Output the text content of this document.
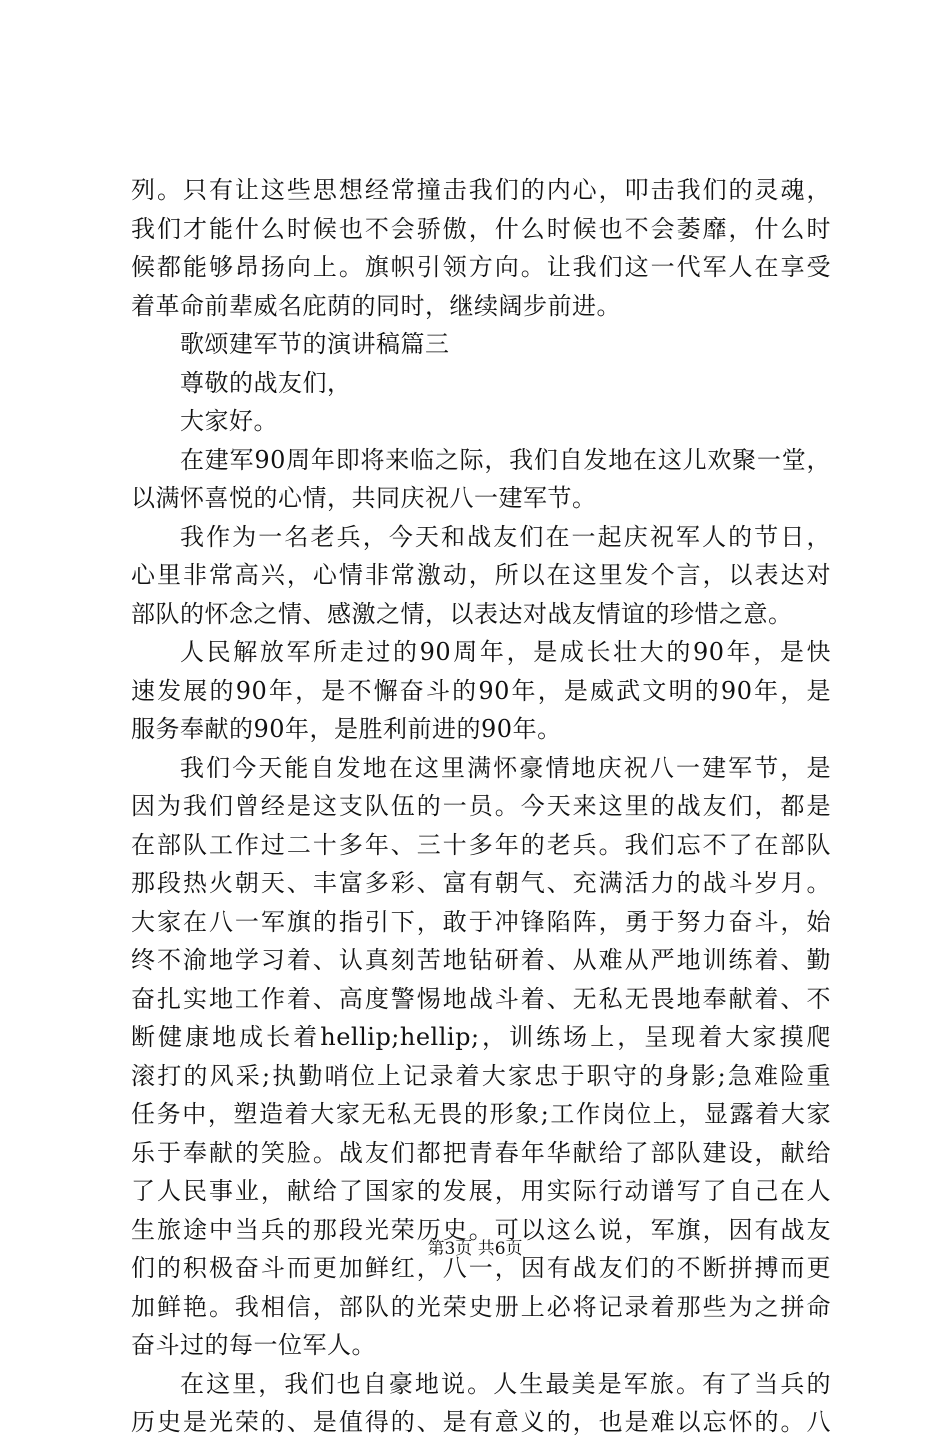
列。只有让这些思想经常撞击我们的内心，叩击我们的灵魂，
我们才能什么时候也不会骄傲，什么时候也不会萎靡，什么时
候都能够昂扬向上。旗帜引领方向。让我们这一代军人在享受
着革命前辈威名庇荫的同时，继续阔步前进。
歌颂建军节的演讲稿篇三
尊敬的战友们，
大家好。
在建军90周年即将来临之际，我们自发地在这儿欢聚一堂，
以满怀喜悦的心情，共同庆祝八一建军节。
我作为一名老兵，今天和战友们在一起庆祝军人的节日，
心里非常高兴，心情非常激动，所以在这里发个言，以表达对
部队的怀念之情、感激之情，以表达对战友情谊的珍惜之意。
人民解放军所走过的90周年，是成长壮大的90年，是快
速发展的90年，是不懈奋斗的90年，是威武文明的90年，是
服务奉献的90年，是胜利前进的90年。
我们今天能自发地在这里满怀豪情地庆祝八一建军节，是
因为我们曾经是这支队伍的一员。今天来这里的战友们，都是
在部队工作过二十多年、三十多年的老兵。我们忘不了在部队
那段热火朝天、丰富多彩、富有朝气、充满活力的战斗岁月。
大家在八一军旗的指引下，敢于冲锋陷阵，勇于努力奋斗，始
终不渝地学习着、认真刻苦地钻研着、从难从严地训练着、勤
奋扎实地工作着、高度警惕地战斗着、无私无畏地奉献着、不
断健康地成长着hellip;hellip;，训练场上，呈现着大家摸爬
滚打的风采;执勤哨位上记录着大家忠于职守的身影;急难险重
任务中，塑造着大家无私无畏的形象;工作岗位上，显露着大家
乐于奉献的笑脸。战友们都把青春年华献给了部队建设，献给
了人民事业，献给了国家的发展，用实际行动谱写了自己在人
生旅途中当兵的那段光荣历史。可以这么说，军旗，因有战友
们的积极奋斗而更加鲜红，八一，因有战友们的不断拼搏而更
加鲜艳。我相信，部队的光荣史册上必将记录着那些为之拼命
奋斗过的每一位军人。
在这里，我们也自豪地说。人生最美是军旅。有了当兵的
历史是光荣的、是值得的、是有意义的，也是难以忘怀的。八
第3页 共6页
